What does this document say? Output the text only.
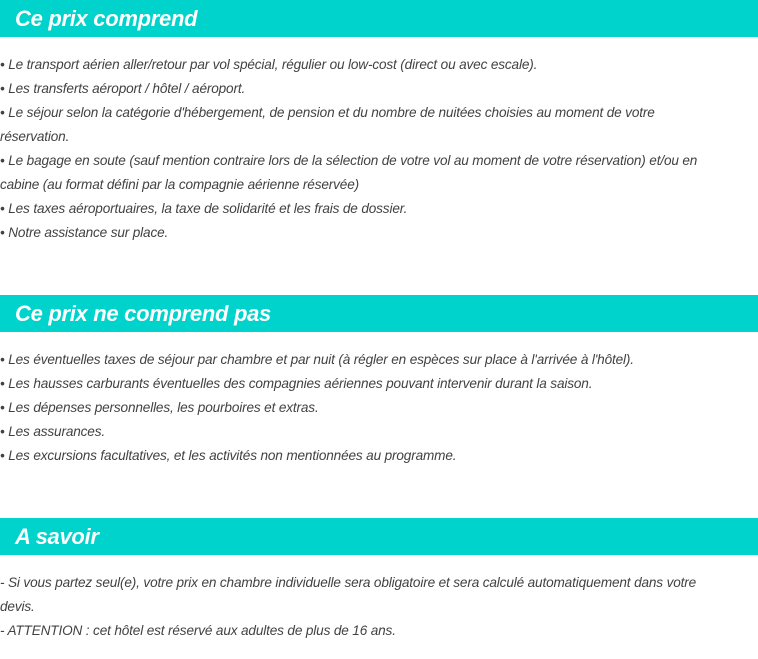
Ce prix comprend
• Le transport aérien aller/retour par vol spécial, régulier ou low-cost (direct ou avec escale).
• Les transferts aéroport / hôtel / aéroport.
• Le séjour selon la catégorie d'hébergement, de pension et du nombre de nuitées choisies au moment de votre
réservation.
• Le bagage en soute (sauf mention contraire lors de la sélection de votre vol au moment de votre réservation) et/ou en
cabine (au format défini par la compagnie aérienne réservée)
• Les taxes aéroportuaires, la taxe de solidarité et les frais de dossier.
• Notre assistance sur place.
Ce prix ne comprend pas
• Les éventuelles taxes de séjour par chambre et par nuit (à régler en espèces sur place à l'arrivée à l'hôtel).
• Les hausses carburants éventuelles des compagnies aériennes pouvant intervenir durant la saison.
• Les dépenses personnelles, les pourboires et extras.
• Les assurances.
• Les excursions facultatives, et les activités non mentionnées au programme.
A savoir
- Si vous partez seul(e), votre prix en chambre individuelle sera obligatoire et sera calculé automatiquement dans votre
devis.
- ATTENTION : cet hôtel est réservé aux adultes de plus de 16 ans.
